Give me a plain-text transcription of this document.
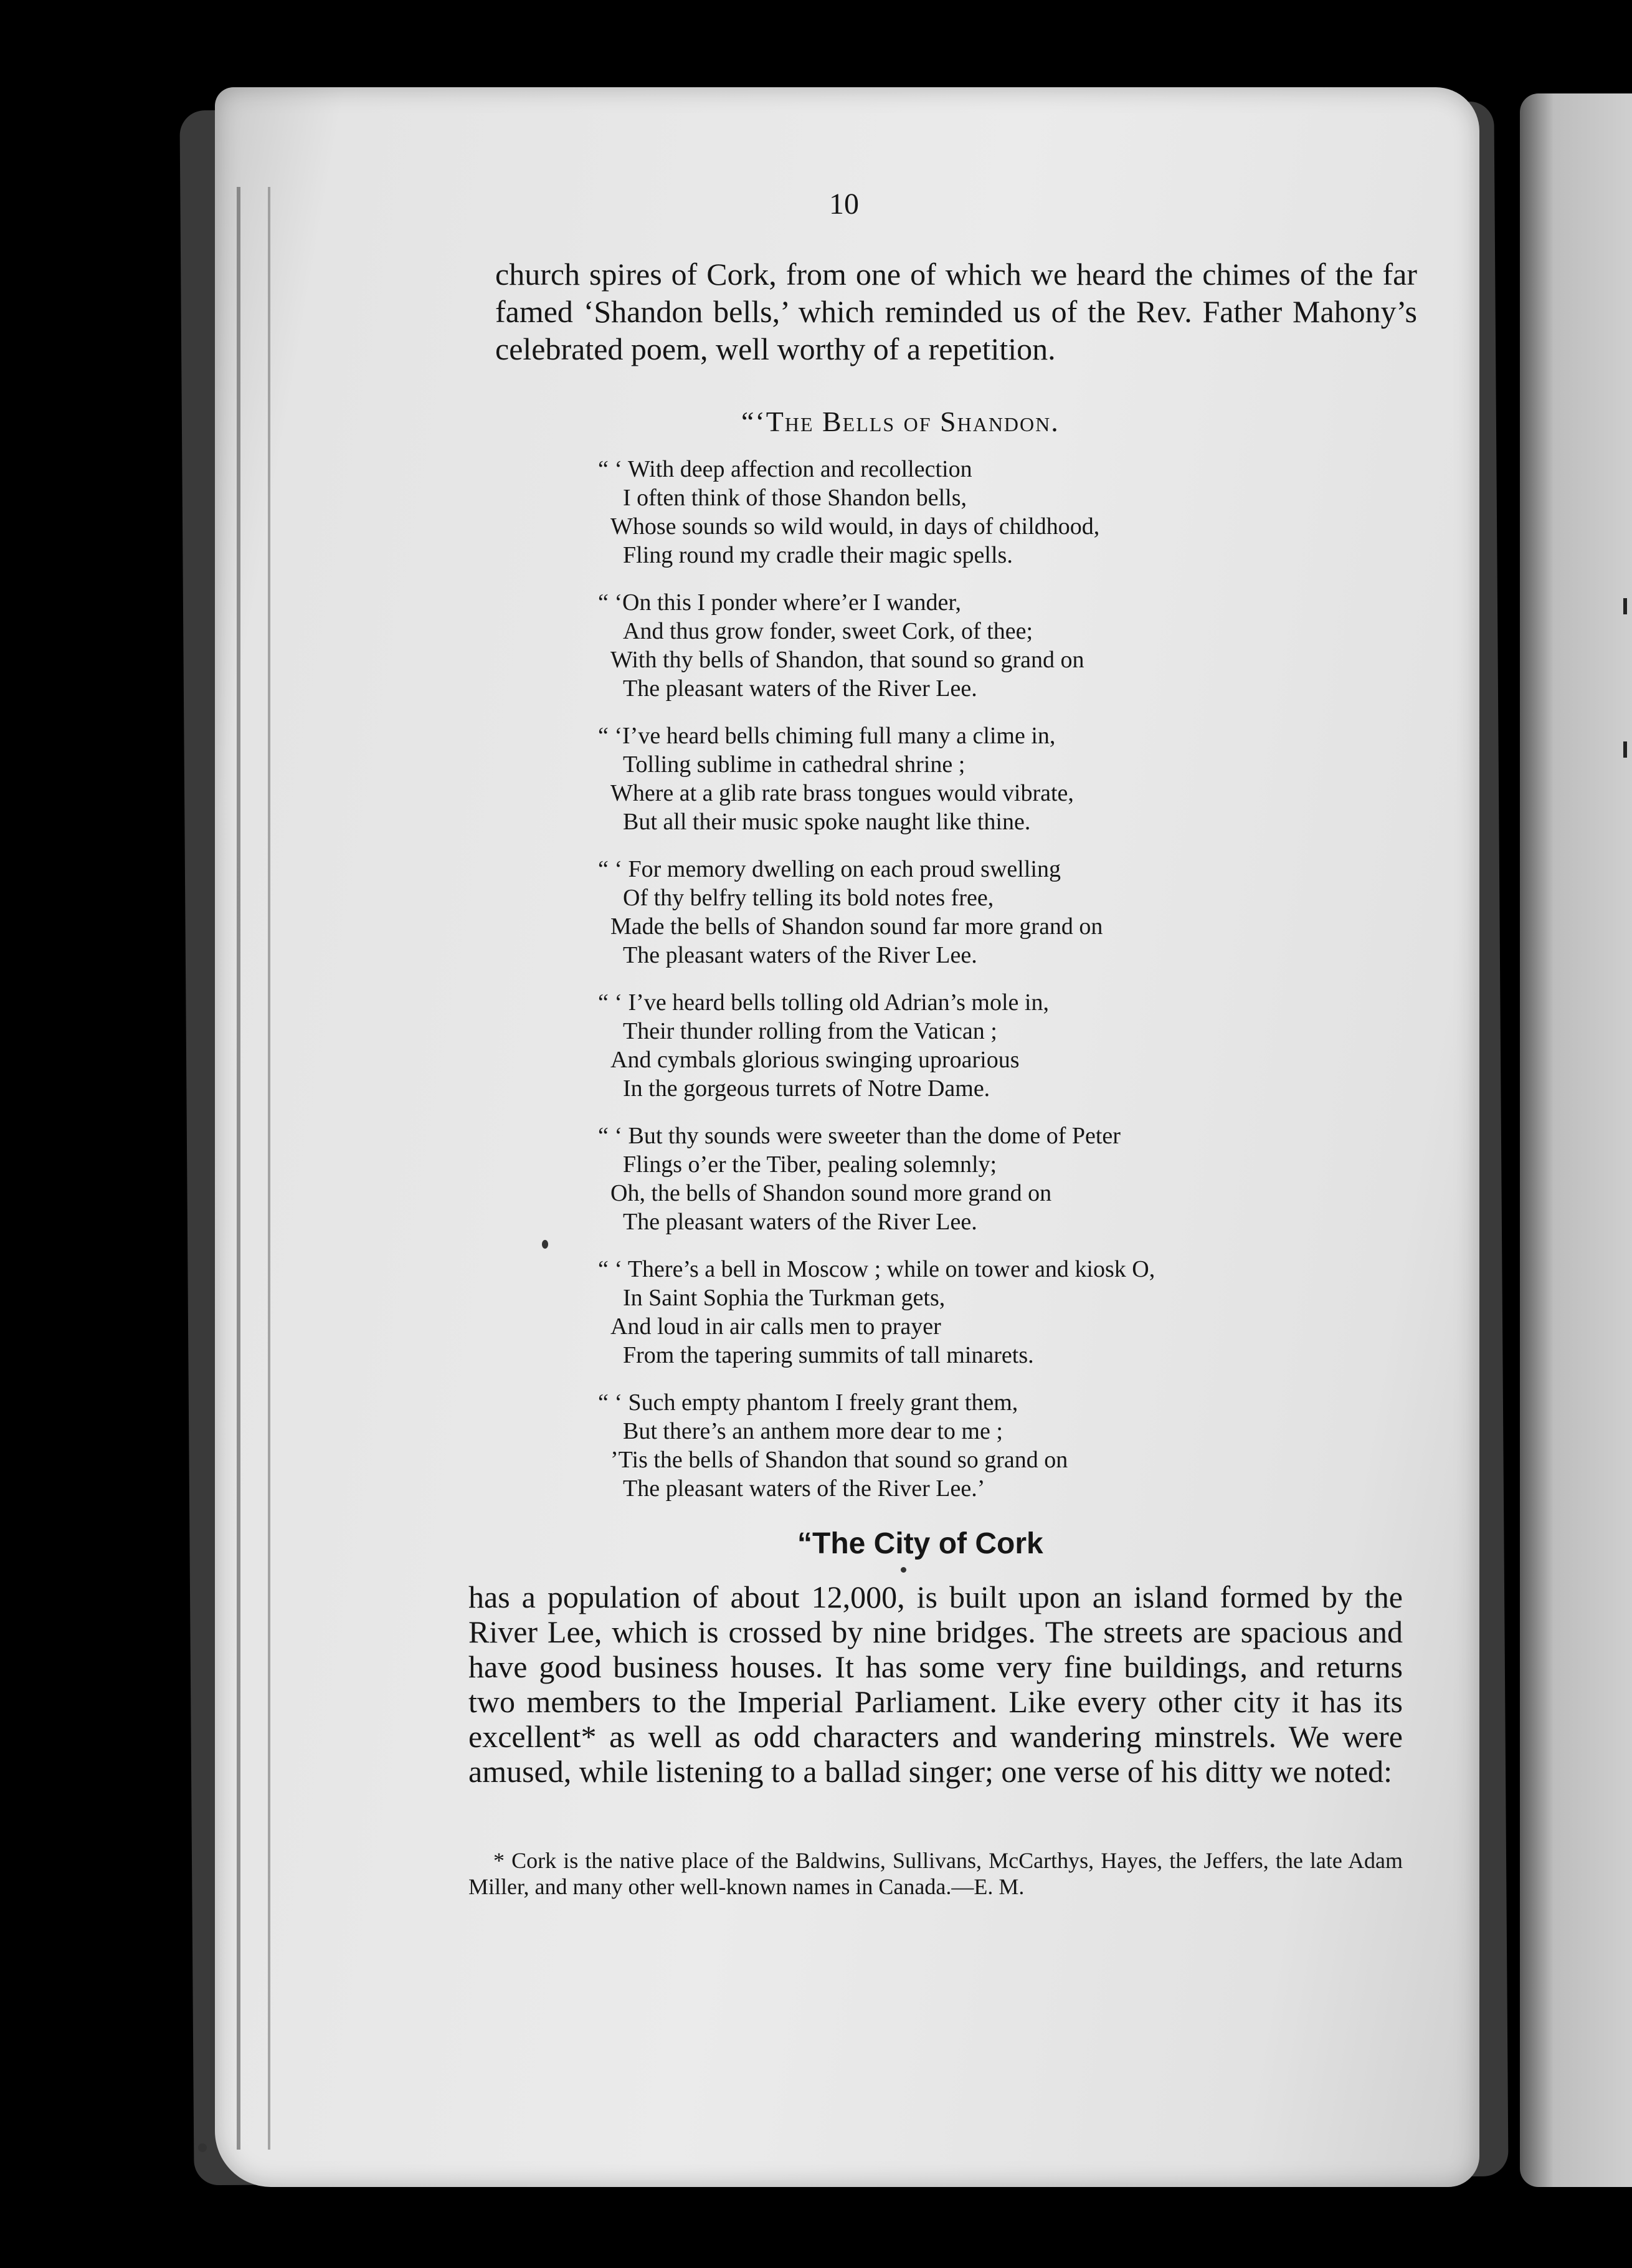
10

church spires of Cork, from one of which we heard the chimes of the far famed ‘Shandon bells,’ which reminded us of the Rev. Father Mahony’s celebrated poem, well worthy of a repetition.

“‘The Bells of Shandon.
“ ‘ With deep affection and recollection
I often think of those Shandon bells,
Whose sounds so wild would, in days of childhood,
Fling round my cradle their magic spells.
“ ‘On this I ponder where’er I wander,
And thus grow fonder, sweet Cork, of thee;
With thy bells of Shandon, that sound so grand on
The pleasant waters of the River Lee.
“ ‘I’ve heard bells chiming full many a clime in,
Tolling sublime in cathedral shrine ;
Where at a glib rate brass tongues would vibrate,
But all their music spoke naught like thine.
“ ‘ For memory dwelling on each proud swelling
Of thy belfry telling its bold notes free,
Made the bells of Shandon sound far more grand on
The pleasant waters of the River Lee.
“ ‘ I’ve heard bells tolling old Adrian’s mole in,
Their thunder rolling from the Vatican ;
And cymbals glorious swinging uproarious
In the gorgeous turrets of Notre Dame.
“ ‘ But thy sounds were sweeter than the dome of Peter
Flings o’er the Tiber, pealing solemnly;
Oh, the bells of Shandon sound more grand on
The pleasant waters of the River Lee.
“ ‘ There’s a bell in Moscow ; while on tower and kiosk O,
In Saint Sophia the Turkman gets,
And loud in air calls men to prayer
From the tapering summits of tall minarets.
“ ‘ Such empty phantom I freely grant them,
But there’s an anthem more dear to me ;
’Tis the bells of Shandon that sound so grand on
The pleasant waters of the River Lee.’
“The City of Cork

has a population of about 12,000, is built upon an island formed by the River Lee, which is crossed by nine bridges. The streets are spacious and have good business houses. It has some very fine buildings, and returns two members to the Imperial Parliament. Like every other city it has its excellent* as well as odd characters and wandering minstrels. We were amused, while listening to a ballad singer; one verse of his ditty we noted:

* Cork is the native place of the Baldwins, Sullivans, McCarthys, Hayes, the Jeffers, the late Adam Miller, and many other well-known names in Canada.—E. M.
